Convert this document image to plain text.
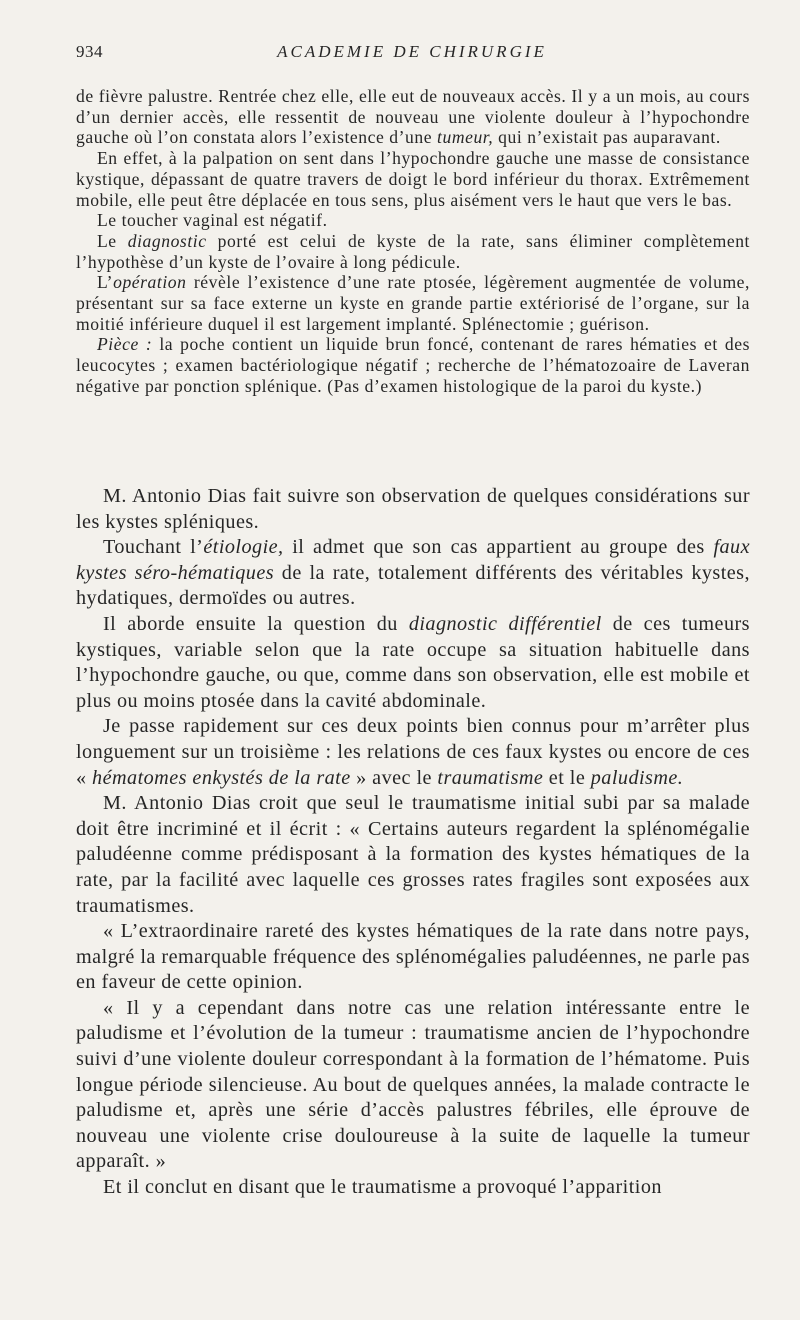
934	ACADEMIE DE CHIRURGIE

de fièvre palustre. Rentrée chez elle, elle eut de nouveaux accès. Il y a un mois, au cours d’un dernier accès, elle ressentit de nouveau une violente douleur à l’hypochondre gauche où l’on constata alors l’existence d’une tumeur, qui n’existait pas auparavant.

En effet, à la palpation on sent dans l’hypochondre gauche une masse de consistance kystique, dépassant de quatre travers de doigt le bord inférieur du thorax. Extrêmement mobile, elle peut être déplacée en tous sens, plus aisément vers le haut que vers le bas.

Le toucher vaginal est négatif.

Le diagnostic porté est celui de kyste de la rate, sans éliminer complètement l’hypothèse d’un kyste de l’ovaire à long pédicule.

L’opération révèle l’existence d’une rate ptosée, légèrement augmentée de volume, présentant sur sa face externe un kyste en grande partie extériorisé de l’organe, sur la moitié inférieure duquel il est largement implanté. Splénectomie ; guérison.

Pièce : la poche contient un liquide brun foncé, contenant de rares hématies et des leucocytes ; examen bactériologique négatif ; recherche de l’hématozoaire de Laveran négative par ponction splénique. (Pas d’examen histologique de la paroi du kyste.)

M. Antonio Dias fait suivre son observation de quelques considérations sur les kystes spléniques.

Touchant l’étiologie, il admet que son cas appartient au groupe des faux kystes séro-hématiques de la rate, totalement différents des véritables kystes, hydatiques, dermoïdes ou autres.

Il aborde ensuite la question du diagnostic différentiel de ces tumeurs kystiques, variable selon que la rate occupe sa situation habituelle dans l’hypochondre gauche, ou que, comme dans son observation, elle est mobile et plus ou moins ptosée dans la cavité abdominale.

Je passe rapidement sur ces deux points bien connus pour m’arrêter plus longuement sur un troisième : les relations de ces faux kystes ou encore de ces « hématomes enkystés de la rate » avec le traumatisme et le paludisme.

M. Antonio Dias croit que seul le traumatisme initial subi par sa malade doit être incriminé et il écrit : « Certains auteurs regardent la splénomégalie paludéenne comme prédisposant à la formation des kystes hématiques de la rate, par la facilité avec laquelle ces grosses rates fragiles sont exposées aux traumatismes.

« L’extraordinaire rareté des kystes hématiques de la rate dans notre pays, malgré la remarquable fréquence des splénomégalies paludéennes, ne parle pas en faveur de cette opinion.

« Il y a cependant dans notre cas une relation intéressante entre le paludisme et l’évolution de la tumeur : traumatisme ancien de l’hypochondre suivi d’une violente douleur correspondant à la formation de l’hématome. Puis longue période silencieuse. Au bout de quelques années, la malade contracte le paludisme et, après une série d’accès palustres fébriles, elle éprouve de nouveau une violente crise douloureuse à la suite de laquelle la tumeur apparaît. »

Et il conclut en disant que le traumatisme a provoqué l’apparition
